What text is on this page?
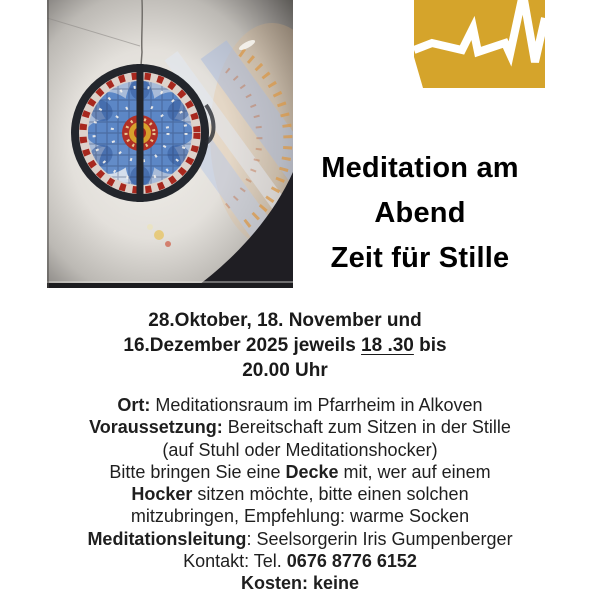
Meditation am
Abend
Zeit für Stille
28.Oktober, 18. November und
16.Dezember 2025 jeweils 18 .30 bis
20.00 Uhr
Ort: Meditationsraum im Pfarrheim in Alkoven
Voraussetzung: Bereitschaft zum Sitzen in der Stille
(auf Stuhl oder Meditationshocker)
Bitte bringen Sie eine Decke mit, wer auf einem
Hocker sitzen möchte, bitte einen solchen
mitzubringen, Empfehlung: warme Socken
Meditationsleitung: Seelsorgerin Iris Gumpenberger
Kontakt: Tel. 0676 8776 6152
Kosten: keine
